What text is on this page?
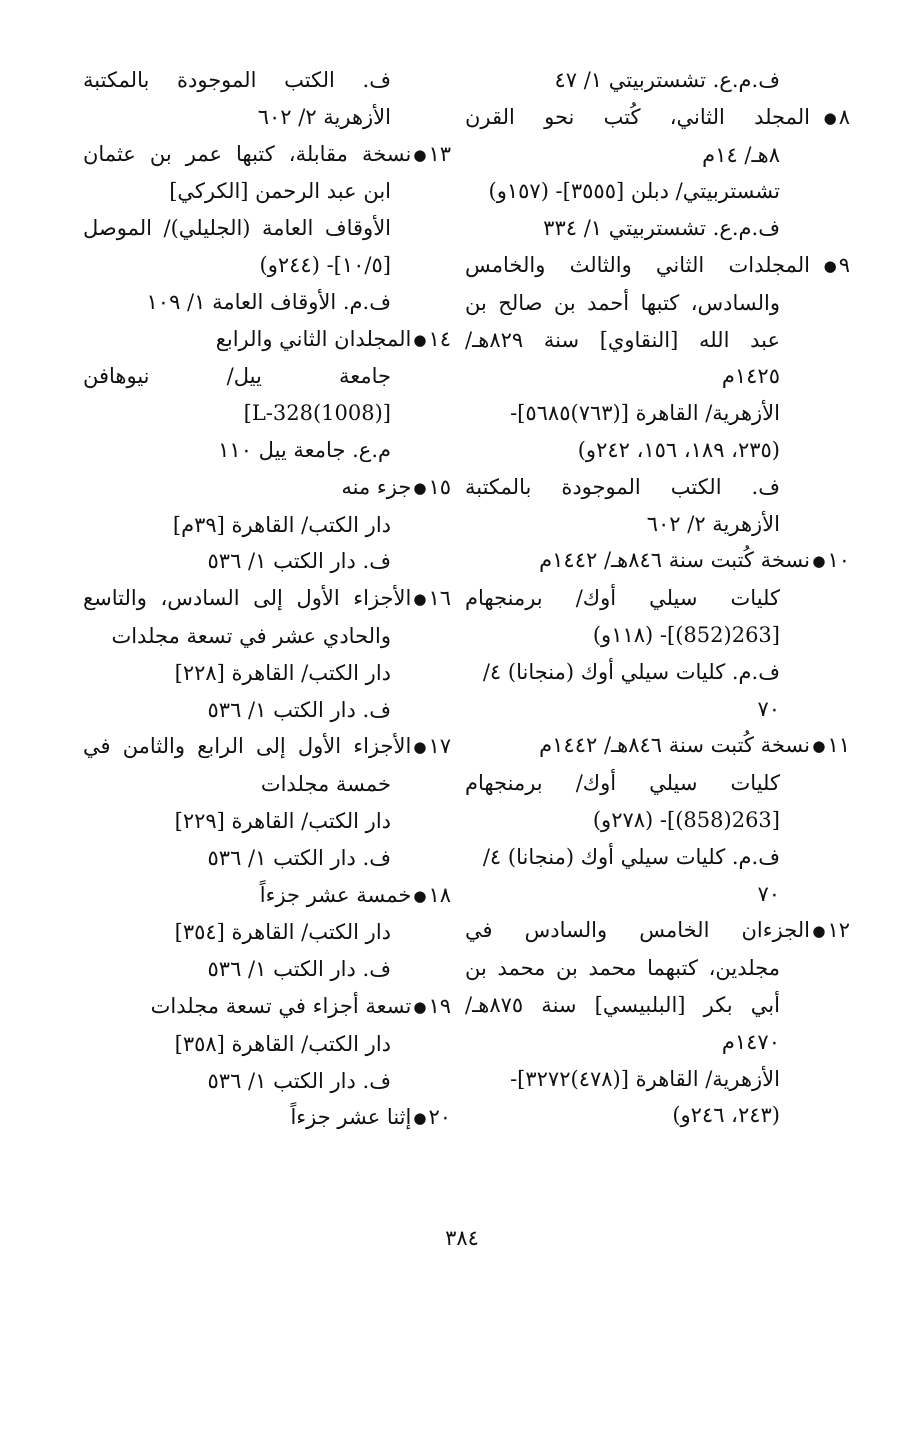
ف.م.ع. تشستربيتي ١/ ٤٧
٨●المجلد الثاني، كُتب نحو القرن
٨هـ/ ١٤م
تشستربيتي/ دبلن [٣٥٥٥]- (١٥٧و)
ف.م.ع. تشستربيتي ١/ ٣٣٤
٩●المجلدات الثاني والثالث والخامس
والسادس، كتبها أحمد بن صالح بن
عبد الله [النقاوي] سنة ٨٢٩هـ/
١٤٢٥م
الأزهرية/ القاهرة [(٧٦٣)٥٦٨٥]-
(٢٣٥، ١٨٩، ١٥٦، ٢٤٢و)
ف. الكتب الموجودة بالمكتبة
الأزهرية ٢/ ٦٠٢
١٠●نسخة كُتبت سنة ٨٤٦هـ/ ١٤٤٢م
كليات سيلي أوك/ برمنجهام
[263(852)]- (١١٨و)
ف.م. كليات سيلي أوك (منجانا) ٤/
٧٠
١١●نسخة كُتبت سنة ٨٤٦هـ/ ١٤٤٢م
كليات سيلي أوك/ برمنجهام
[263(858)]- (٢٧٨و)
ف.م. كليات سيلي أوك (منجانا) ٤/
٧٠
١٢●الجزءان الخامس والسادس في
مجلدين، كتبهما محمد بن محمد بن
أبي بكر [البلبيسي] سنة ٨٧٥هـ/
١٤٧٠م
الأزهرية/ القاهرة [(٤٧٨)٣٢٧٢]-
(٢٤٣، ٢٤٦و)
ف. الكتب الموجودة بالمكتبة
الأزهرية ٢/ ٦٠٢
١٣●نسخة مقابلة، كتبها عمر بن عثمان
ابن عبد الرحمن [الكركي]
الأوقاف العامة (الجليلي)/ الموصل
[١٠/٥]- (٢٤٤و)
ف.م. الأوقاف العامة ١/ ١٠٩
١٤●المجلدان الثاني والرابع
جامعة ييل/ نيوهافن
[(1008)L-328]
م.ع. جامعة ييل ١١٠
١٥●جزء منه
دار الكتب/ القاهرة [٣٩م]
ف. دار الكتب ١/ ٥٣٦
١٦●الأجزاء الأول إلى السادس، والتاسع
والحادي عشر في تسعة مجلدات
دار الكتب/ القاهرة [٢٢٨]
ف. دار الكتب ١/ ٥٣٦
١٧●الأجزاء الأول إلى الرابع والثامن في
خمسة مجلدات
دار الكتب/ القاهرة [٢٢٩]
ف. دار الكتب ١/ ٥٣٦
١٨●خمسة عشر جزءاً
دار الكتب/ القاهرة [٣٥٤]
ف. دار الكتب ١/ ٥٣٦
١٩●تسعة أجزاء في تسعة مجلدات
دار الكتب/ القاهرة [٣٥٨]
ف. دار الكتب ١/ ٥٣٦
٢٠●إثنا عشر جزءاً
٣٨٤
